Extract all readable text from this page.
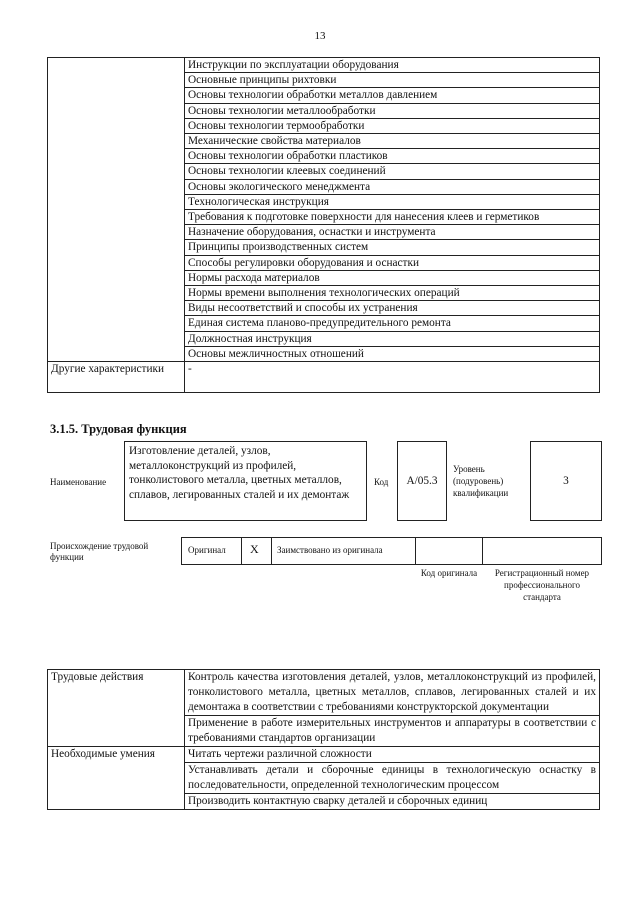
13
	Инструкции по эксплуатации оборудования
	Основные принципы рихтовки
	Основы технологии обработки металлов давлением
	Основы технологии металлообработки
	Основы технологии термообработки
	Механические свойства материалов
	Основы технологии обработки пластиков
	Основы технологии клеевых соединений
	Основы экологического менеджмента
	Технологическая инструкция
	Требования к подготовке поверхности для нанесения клеев и герметиков
	Назначение оборудования, оснастки и инструмента
	Принципы производственных систем
	Способы регулировки оборудования и оснастки
	Нормы расхода материалов
	Нормы времени выполнения технологических операций
	Виды несоответствий и способы их устранения
	Единая система планово-предупредительного ремонта
	Должностная инструкция
	Основы межличностных отношений
Другие характеристики	-
3.1.5. Трудовая функция
Наименование
Изготовление деталей, узлов, металлоконструкций из профилей, тонколистового металла, цветных металлов, сплавов, легированных сталей и их демонтаж
Код	А/05.3
Уровень (подуровень) квалификации
3
Происхождение трудовой функции
Оригинал X Заимствовано из оригинала
Код оригинала	Регистрационный номер профессионального стандарта
Трудовые действия	Контроль качества изготовления деталей, узлов, металлоконструкций из профилей, тонколистового металла, цветных металлов, сплавов, легированных сталей и их демонтажа в соответствии с требованиями конструкторской документации
	Применение в работе измерительных инструментов и аппаратуры в соответствии с требованиями стандартов организации
Необходимые умения	Читать чертежи различной сложности
	Устанавливать детали и сборочные единицы в технологическую оснастку в последовательности, определенной технологическим процессом
	Производить контактную сварку деталей и сборочных единиц
